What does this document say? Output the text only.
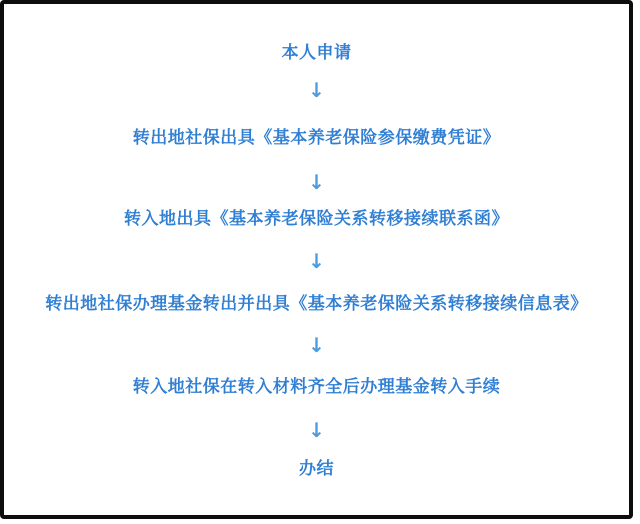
本人申请
↓
转出地社保出具《基本养老保险参保缴费凭证》
↓
转入地出具《基本养老保险关系转移接续联系函》
↓
转出地社保办理基金转出并出具《基本养老保险关系转移接续信息表》
↓
转入地社保在转入材料齐全后办理基金转入手续
↓
办结
